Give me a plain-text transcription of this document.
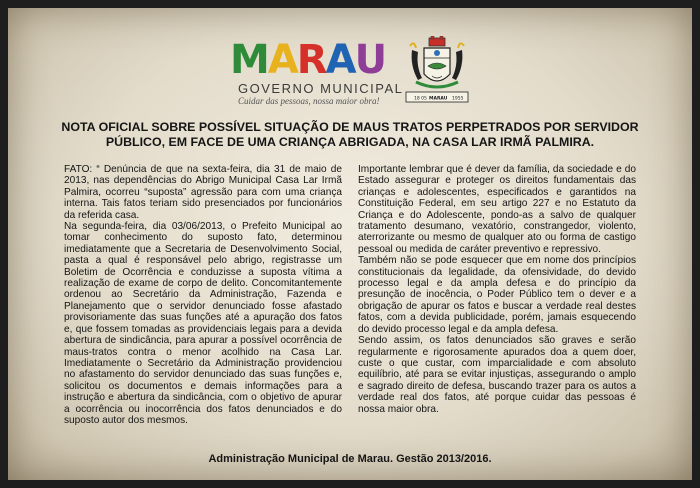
MARAU
GOVERNO MUNICIPAL
Cuidar das pessoas, nossa maior obra!	18 05 MARAU 1955
NOTA OFICIAL SOBRE POSSÍVEL SITUAÇÃO DE MAUS TRATOS PERPETRADOS POR SERVIDOR PÚBLICO, EM FACE DE UMA CRIANÇA ABRIGADA, NA CASA LAR IRMÃ PALMIRA.

FATO: “ Denúncia de que na sexta-feira, dia 31 de maio de 2013, nas dependências do Abrigo Municipal Casa Lar Irmã Palmira, ocorreu “suposta” agressão para com uma criança interna. Tais fatos teriam sido presenciados por funcionários da referida casa.

Na segunda-feira, dia 03/06/2013, o Prefeito Municipal ao tomar conhecimento do suposto fato, determinou imediatamente que a Secretaria de Desenvolvimento Social, pasta a qual é responsável pelo abrigo, registrasse um Boletim de Ocorrência e conduzisse a suposta vítima a realização de exame de corpo de delito. Concomitantemente ordenou ao Secretário da Administração, Fazenda e Planejamento que o servidor denunciado fosse afastado provisoriamente das suas funções até a apuração dos fatos e, que fossem tomadas as providenciais legais para a devida abertura de sindicância, para apurar a possível ocorrência de maus-tratos contra o menor acolhido na Casa Lar. Imediatamente o Secretário da Administração providenciou no afastamento do servidor denunciado das suas funções e, solicitou os documentos e demais informações para a instrução e abertura da sindicância, com o objetivo de apurar a ocorrência ou inocorrência dos fatos denunciados e do suposto autor dos mesmos.

Importante lembrar que é dever da família, da sociedade e do Estado assegurar e proteger os direitos fundamentais das crianças e adolescentes, especificados e garantidos na Constituição Federal, em seu artigo 227 e no Estatuto da Criança e do Adolescente, pondo-as a salvo de qualquer tratamento desumano, vexatório, constrangedor, violento, aterrorizante ou mesmo de qualquer ato ou forma de castigo pessoal ou medida de caráter preventivo e repressivo.

Também não se pode esquecer que em nome dos princípios constitucionais da legalidade, da ofensividade, do devido processo legal e da ampla defesa e do princípio da presunção de inocência, o Poder Público tem o dever e a obrigação de apurar os fatos e buscar a verdade real destes fatos, com a devida publicidade, porém, jamais esquecendo do devido processo legal e da ampla defesa.

Sendo assim, os fatos denunciados são graves e serão regularmente e rigorosamente apurados doa a quem doer, custe o que custar, com imparcialidade e com absoluto equilíbrio, até para se evitar injustiças, assegurando o amplo e sagrado direito de defesa, buscando trazer para os autos a verdade real dos fatos, até porque cuidar das pessoas é nossa maior obra.

Administração Municipal de Marau. Gestão 2013/2016.
